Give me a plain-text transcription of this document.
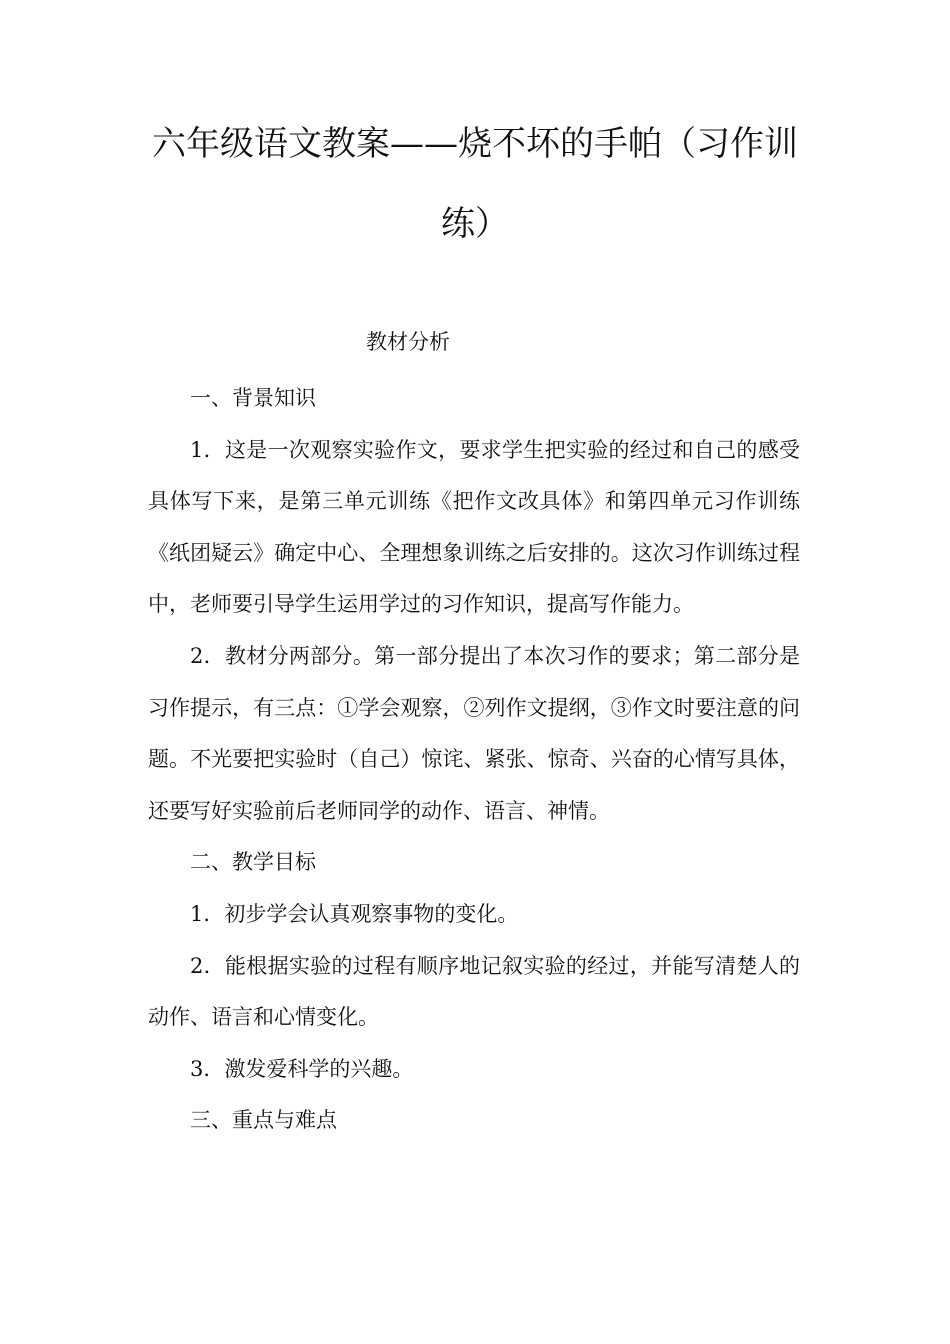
六年级语文教案——烧不坏的手帕（习作训练）
教材分析

一、背景知识

1．这是一次观察实验作文，要求学生把实验的经过和自己的感受具体写下来，是第三单元训练《把作文改具体》和第四单元习作训练《纸团疑云》确定中心、全理想象训练之后安排的。这次习作训练过程中，老师要引导学生运用学过的习作知识，提高写作能力。

2．教材分两部分。第一部分提出了本次习作的要求；第二部分是习作提示，有三点：①学会观察，②列作文提纲，③作文时要注意的问题。不光要把实验时（自己）惊诧、紧张、惊奇、兴奋的心情写具体，还要写好实验前后老师同学的动作、语言、神情。

二、教学目标

1．初步学会认真观察事物的变化。

2．能根据实验的过程有顺序地记叙实验的经过，并能写清楚人的动作、语言和心情变化。

3．激发爱科学的兴趣。

三、重点与难点
